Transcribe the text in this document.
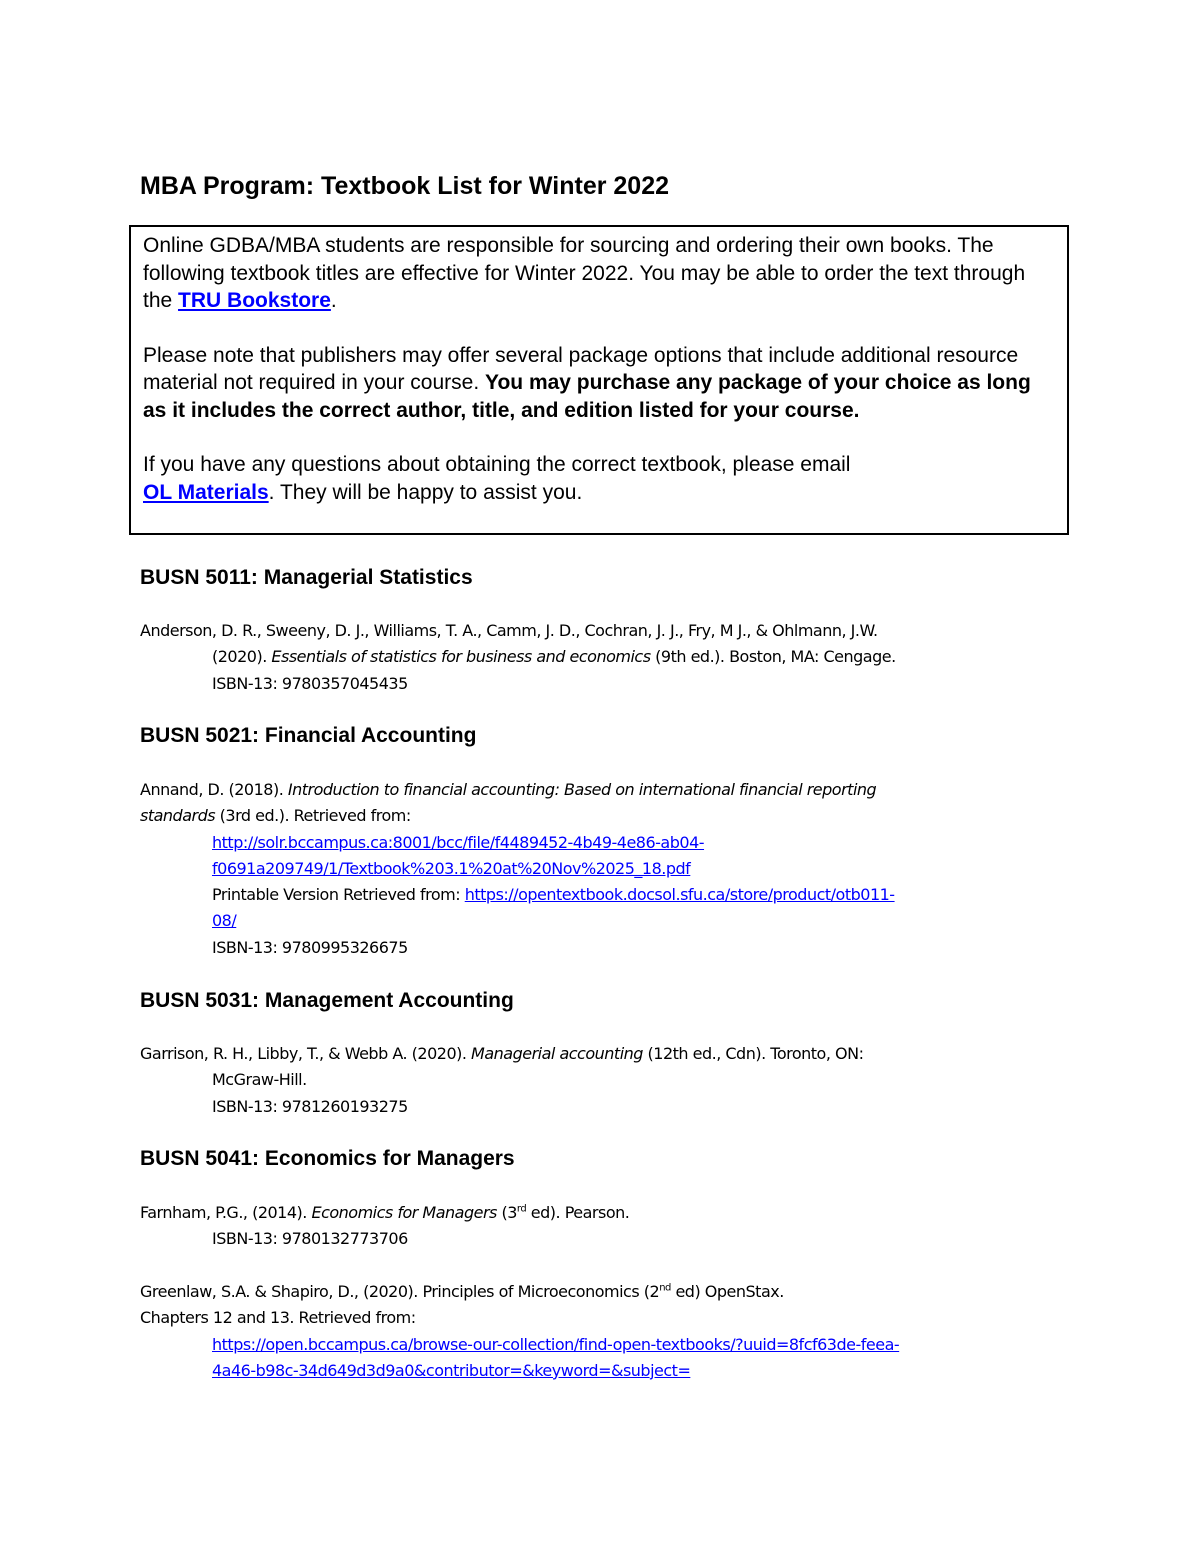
MBA Program: Textbook List for Winter 2022

Online GDBA/MBA students are responsible for sourcing and ordering their own books. The following textbook titles are effective for Winter 2022. You may be able to order the text through the TRU Bookstore.

Please note that publishers may offer several package options that include additional resource material not required in your course. You may purchase any package of your choice as long as it includes the correct author, title, and edition listed for your course.

If you have any questions about obtaining the correct textbook, please email
OL Materials. They will be happy to assist you.

BUSN 5011: Managerial Statistics
Anderson, D. R., Sweeny, D. J., Williams, T. A., Camm, J. D., Cochran, J. J., Fry, M J., & Ohlmann, J.W.
(2020). Essentials of statistics for business and economics (9th ed.). Boston, MA: Cengage.
ISBN-13: 9780357045435
BUSN 5021: Financial Accounting
Annand, D. (2018). Introduction to financial accounting: Based on international financial reporting
standards (3rd ed.). Retrieved from:
http://solr.bccampus.ca:8001/bcc/file/f4489452-4b49-4e86-ab04-
f0691a209749/1/Textbook%203.1%20at%20Nov%2025_18.pdf
Printable Version Retrieved from: https://opentextbook.docsol.sfu.ca/store/product/otb011-
08/
ISBN-13: 9780995326675
BUSN 5031: Management Accounting
Garrison, R. H., Libby, T., & Webb A. (2020). Managerial accounting (12th ed., Cdn). Toronto, ON:
McGraw-Hill.
ISBN-13: 9781260193275
BUSN 5041: Economics for Managers
Farnham, P.G., (2014). Economics for Managers (3rd ed). Pearson.
ISBN-13: 9780132773706
Greenlaw, S.A. & Shapiro, D., (2020). Principles of Microeconomics (2nd ed) OpenStax.
Chapters 12 and 13. Retrieved from:
https://open.bccampus.ca/browse-our-collection/find-open-textbooks/?uuid=8fcf63de-feea-
4a46-b98c-34d649d3d9a0&contributor=&keyword=&subject=
